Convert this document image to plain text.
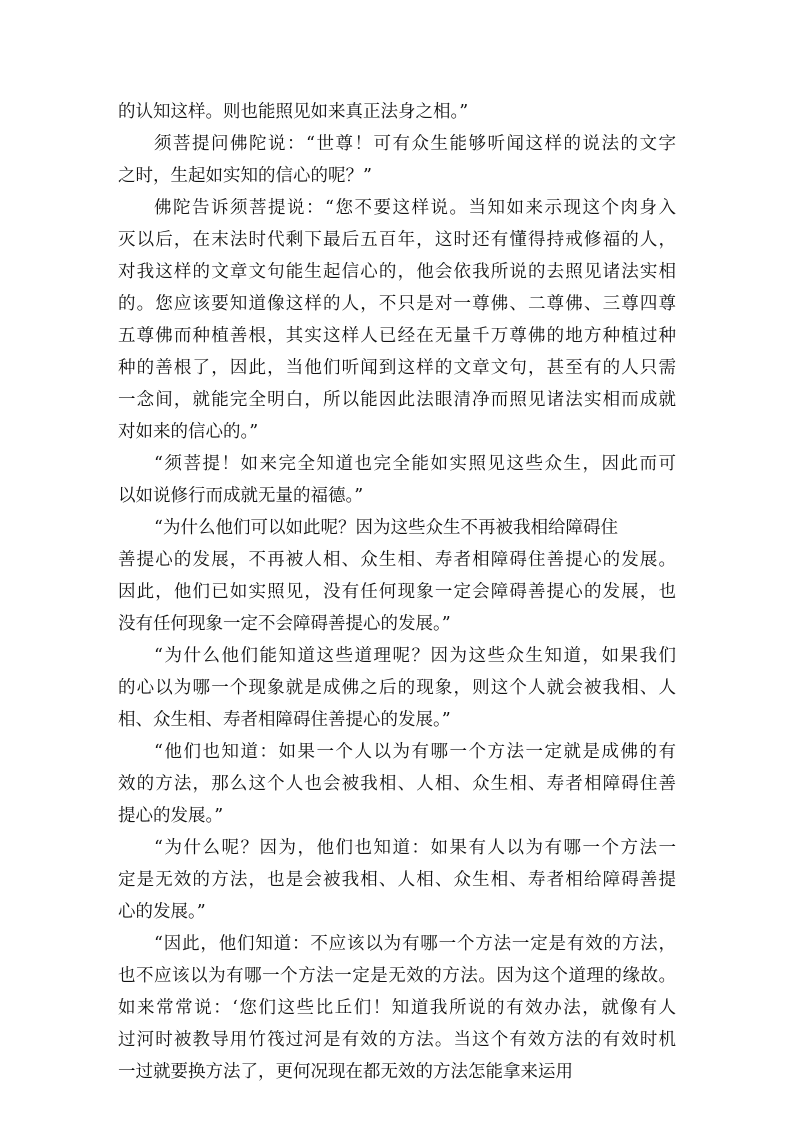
的认知这样。则也能照见如来真正法身之相。”
须菩提问佛陀说：“世尊！可有众生能够听闻这样的说法的文字
之时，生起如实知的信心的呢？”
佛陀告诉须菩提说：“您不要这样说。当知如来示现这个肉身入
灭以后，在末法时代剩下最后五百年，这时还有懂得持戒修福的人，
对我这样的文章文句能生起信心的，他会依我所说的去照见诸法实相
的。您应该要知道像这样的人，不只是对一尊佛、二尊佛、三尊四尊
五尊佛而种植善根，其实这样人已经在无量千万尊佛的地方种植过种
种的善根了，因此，当他们听闻到这样的文章文句，甚至有的人只需
一念间，就能完全明白，所以能因此法眼清净而照见诸法实相而成就
对如来的信心的。”
“须菩提！如来完全知道也完全能如实照见这些众生，因此而可
以如说修行而成就无量的福德。”
“为什么他们可以如此呢？因为这些众生不再被我相给障碍住
善提心的发展，不再被人相、众生相、寿者相障碍住善提心的发展。
因此，他们已如实照见，没有任何现象一定会障碍善提心的发展，也
没有任何现象一定不会障碍善提心的发展。”
“为什么他们能知道这些道理呢？因为这些众生知道，如果我们
的心以为哪一个现象就是成佛之后的现象，则这个人就会被我相、人
相、众生相、寿者相障碍住善提心的发展。”
“他们也知道：如果一个人以为有哪一个方法一定就是成佛的有
效的方法，那么这个人也会被我相、人相、众生相、寿者相障碍住善
提心的发展。”
“为什么呢？因为，他们也知道：如果有人以为有哪一个方法一
定是无效的方法，也是会被我相、人相、众生相、寿者相给障碍善提
心的发展。”
“因此，他们知道：不应该以为有哪一个方法一定是有效的方法，
也不应该以为有哪一个方法一定是无效的方法。因为这个道理的缘故。
如来常常说：‘您们这些比丘们！知道我所说的有效办法，就像有人
过河时被教导用竹筏过河是有效的方法。当这个有效方法的有效时机
一过就要换方法了，更何况现在都无效的方法怎能拿来运用
